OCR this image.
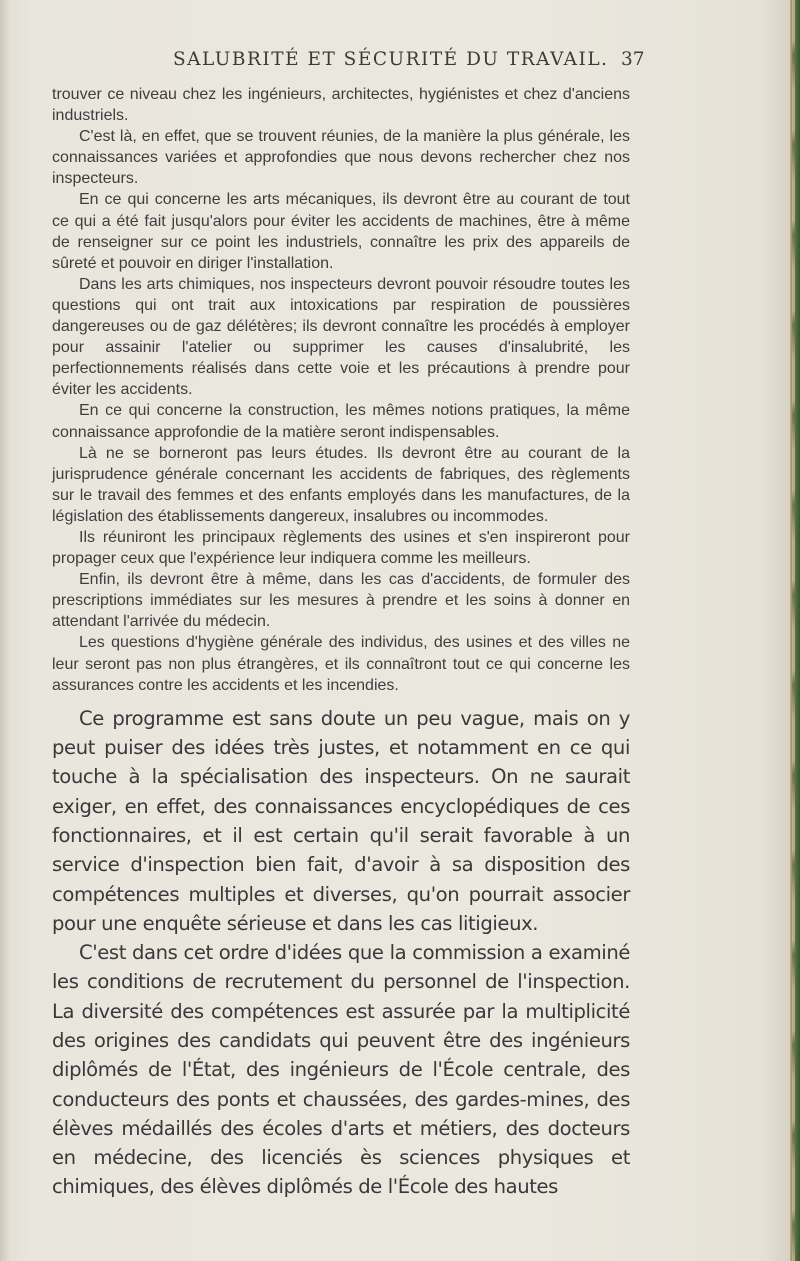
SALUBRITÉ ET SÉCURITÉ DU TRAVAIL. 37

trouver ce niveau chez les ingénieurs, architectes, hygiénistes et chez d'anciens industriels.

C'est là, en effet, que se trouvent réunies, de la manière la plus générale, les connaissances variées et approfondies que nous devons rechercher chez nos inspecteurs.

En ce qui concerne les arts mécaniques, ils devront être au courant de tout ce qui a été fait jusqu'alors pour éviter les accidents de machines, être à même de renseigner sur ce point les industriels, connaître les prix des appareils de sûreté et pouvoir en diriger l'installation.

Dans les arts chimiques, nos inspecteurs devront pouvoir résoudre toutes les questions qui ont trait aux intoxications par respiration de poussières dangereuses ou de gaz délétères; ils devront connaître les procédés à employer pour assainir l'atelier ou supprimer les causes d'insalubrité, les perfectionnements réalisés dans cette voie et les précautions à prendre pour éviter les accidents.

En ce qui concerne la construction, les mêmes notions pratiques, la même connaissance approfondie de la matière seront indispensables.

Là ne se borneront pas leurs études. Ils devront être au courant de la jurisprudence générale concernant les accidents de fabriques, des règlements sur le travail des femmes et des enfants employés dans les manufactures, de la législation des établissements dangereux, insalubres ou incommodes.

Ils réuniront les principaux règlements des usines et s'en inspireront pour propager ceux que l'expérience leur indiquera comme les meilleurs.

Enfin, ils devront être à même, dans les cas d'accidents, de formuler des prescriptions immédiates sur les mesures à prendre et les soins à donner en attendant l'arrivée du médecin.

Les questions d'hygiène générale des individus, des usines et des villes ne leur seront pas non plus étrangères, et ils connaîtront tout ce qui concerne les assurances contre les accidents et les incendies.

Ce programme est sans doute un peu vague, mais on y peut puiser des idées très justes, et notamment en ce qui touche à la spécialisation des inspecteurs. On ne saurait exiger, en effet, des connaissances encyclopédiques de ces fonctionnaires, et il est certain qu'il serait favorable à un service d'inspection bien fait, d'avoir à sa disposition des compétences multiples et diverses, qu'on pourrait associer pour une enquête sérieuse et dans les cas litigieux.

C'est dans cet ordre d'idées que la commission a examiné les conditions de recrutement du personnel de l'inspection. La diversité des compétences est assurée par la multiplicité des origines des candidats qui peuvent être des ingénieurs diplômés de l'État, des ingénieurs de l'École centrale, des conducteurs des ponts et chaussées, des gardes-mines, des élèves médaillés des écoles d'arts et métiers, des docteurs en médecine, des licenciés ès sciences physiques et chimiques, des élèves diplômés de l'École des hautes
